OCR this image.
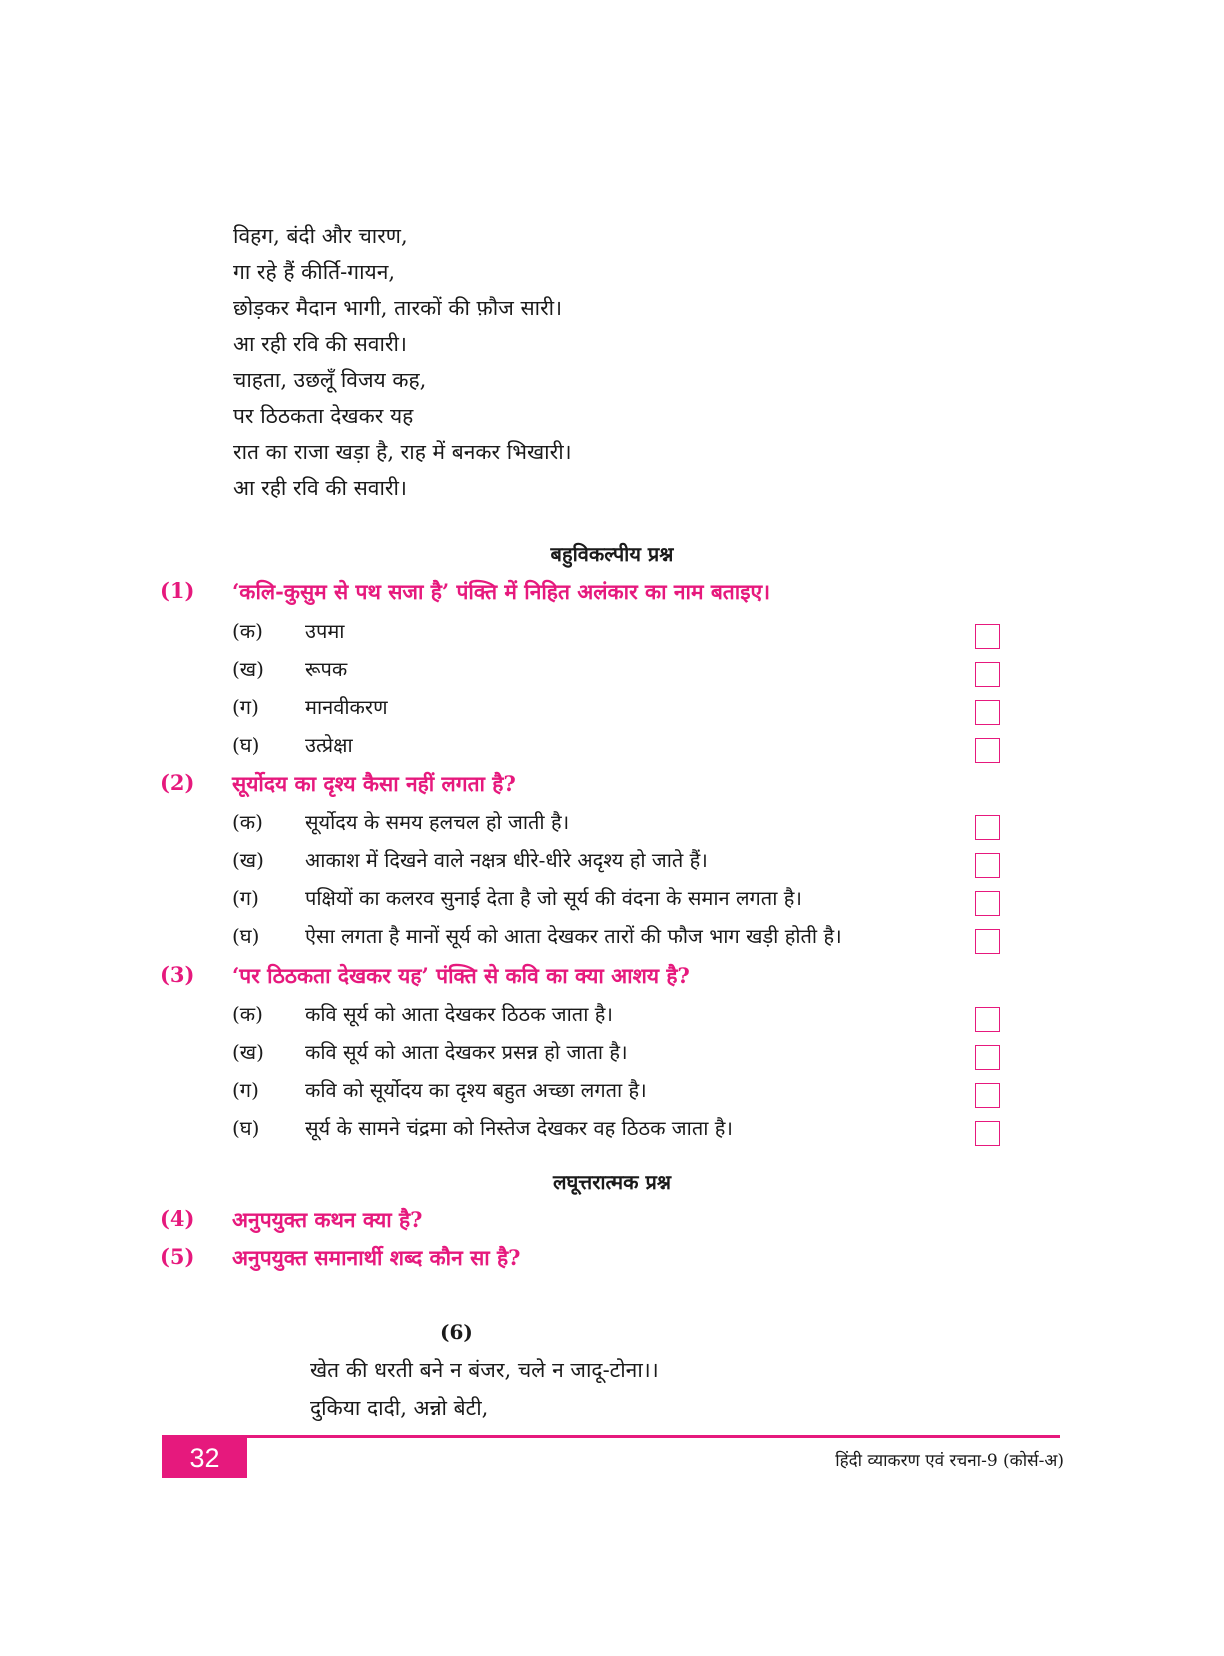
विहग, बंदी और चारण,
गा रहे हैं कीर्ति-गायन,
छोड़कर मैदान भागी, तारकों की फ़ौज सारी।
आ रही रवि की सवारी।
चाहता, उछलूँ विजय कह,
पर ठिठकता देखकर यह
रात का राजा खड़ा है, राह में बनकर भिखारी।
आ रही रवि की सवारी।
बहुविकल्पीय प्रश्न
(1) ‘कलि-कुसुम से पथ सजा है’ पंक्ति में निहित अलंकार का नाम बताइए।
(क) उपमा
(ख) रूपक
(ग) मानवीकरण
(घ) उत्प्रेक्षा
(2) सूर्योदय का दृश्य कैसा नहीं लगता है?
(क) सूर्योदय के समय हलचल हो जाती है।
(ख) आकाश में दिखने वाले नक्षत्र धीरे-धीरे अदृश्य हो जाते हैं।
(ग) पक्षियों का कलरव सुनाई देता है जो सूर्य की वंदना के समान लगता है।
(घ) ऐसा लगता है मानों सूर्य को आता देखकर तारों की फौज भाग खड़ी होती है।
(3) ‘पर ठिठकता देखकर यह’ पंक्ति से कवि का क्या आशय है?
(क) कवि सूर्य को आता देखकर ठिठक जाता है।
(ख) कवि सूर्य को आता देखकर प्रसन्न हो जाता है।
(ग) कवि को सूर्योदय का दृश्य बहुत अच्छा लगता है।
(घ) सूर्य के सामने चंद्रमा को निस्तेज देखकर वह ठिठक जाता है।
लघूत्तरात्मक प्रश्न
(4) अनुपयुक्त कथन क्या है?
(5) अनुपयुक्त समानार्थी शब्द कौन सा है?
(6)
खेत की धरती बने न बंजर, चले न जादू-टोना।।
दुकिया दादी, अन्नो बेटी,
32	हिंदी व्याकरण एवं रचना-9 (कोर्स-अ)
